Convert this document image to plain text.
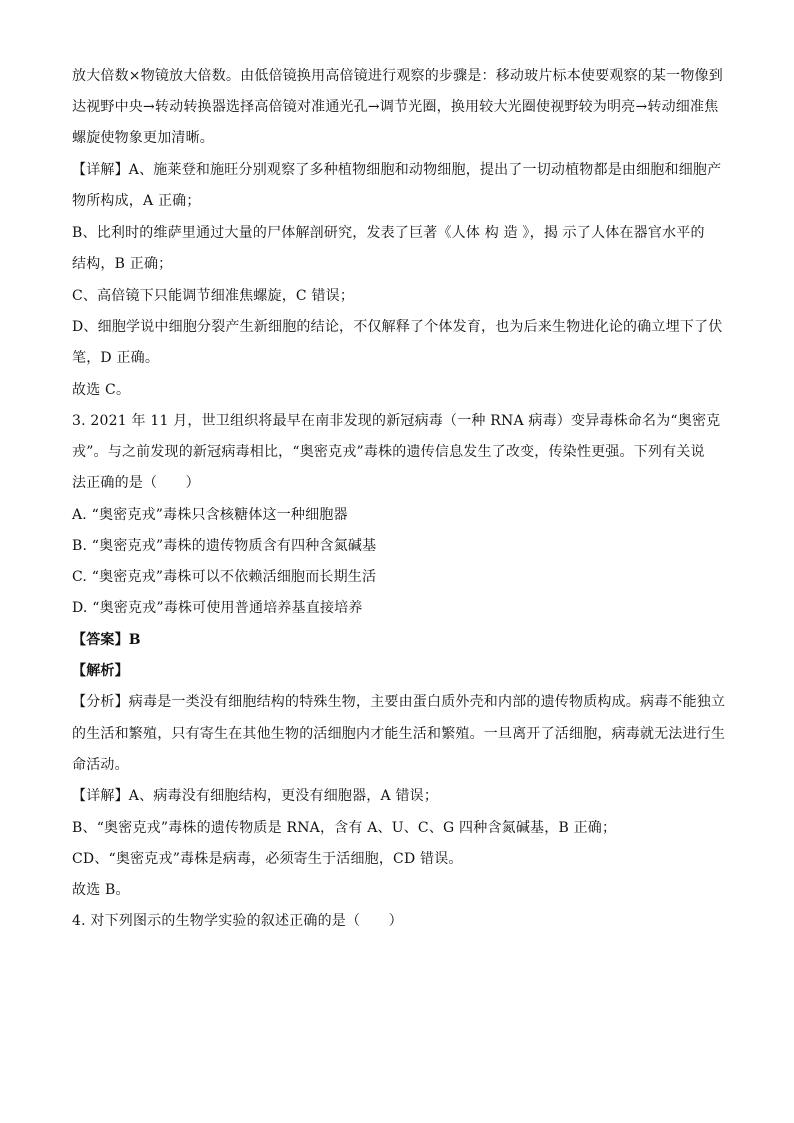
放大倍数×物镜放大倍数。由低倍镜换用高倍镜进行观察的步骤是：移动玻片标本使要观察的某一物像到
达视野中央→转动转换器选择高倍镜对准通光孔→调节光圈，换用较大光圈使视野较为明亮→转动细准焦
螺旋使物象更加清晰。
【详解】A、施莱登和施旺分别观察了多种植物细胞和动物细胞，提出了一切动植物都是由细胞和细胞产
物所构成，A 正确；
B、比利时的维萨里通过大量的尸体解剖研究，发表了巨著《人体 构 造 》，揭 示了人体在器官水平的
结构，B 正确；
C、高倍镜下只能调节细准焦螺旋，C 错误；
D、细胞学说中细胞分裂产生新细胞的结论，不仅解释了个体发育，也为后来生物进化论的确立埋下了伏
笔，D 正确。
故选 C。
3. 2021 年 11 月，世卫组织将最早在南非发现的新冠病毒（一种 RNA 病毒）变异毒株命名为“奥密克
戎”。与之前发现的新冠病毒相比，“奥密克戎”毒株的遗传信息发生了改变，传染性更强。下列有关说
法正确的是（　　）
A. “奥密克戎”毒株只含核糖体这一种细胞器
B. “奥密克戎”毒株的遗传物质含有四种含氮碱基
C. “奥密克戎”毒株可以不依赖活细胞而长期生活
D. “奥密克戎”毒株可使用普通培养基直接培养
【答案】B
【解析】
【分析】病毒是一类没有细胞结构的特殊生物，主要由蛋白质外壳和内部的遗传物质构成。病毒不能独立
的生活和繁殖，只有寄生在其他生物的活细胞内才能生活和繁殖。一旦离开了活细胞，病毒就无法进行生
命活动。
【详解】A、病毒没有细胞结构，更没有细胞器，A 错误；
B、“奥密克戎”毒株的遗传物质是 RNA，含有 A、U、C、G 四种含氮碱基，B 正确；
CD、“奥密克戎”毒株是病毒，必须寄生于活细胞，CD 错误。
故选 B。
4. 对下列图示的生物学实验的叙述正确的是（　　）
